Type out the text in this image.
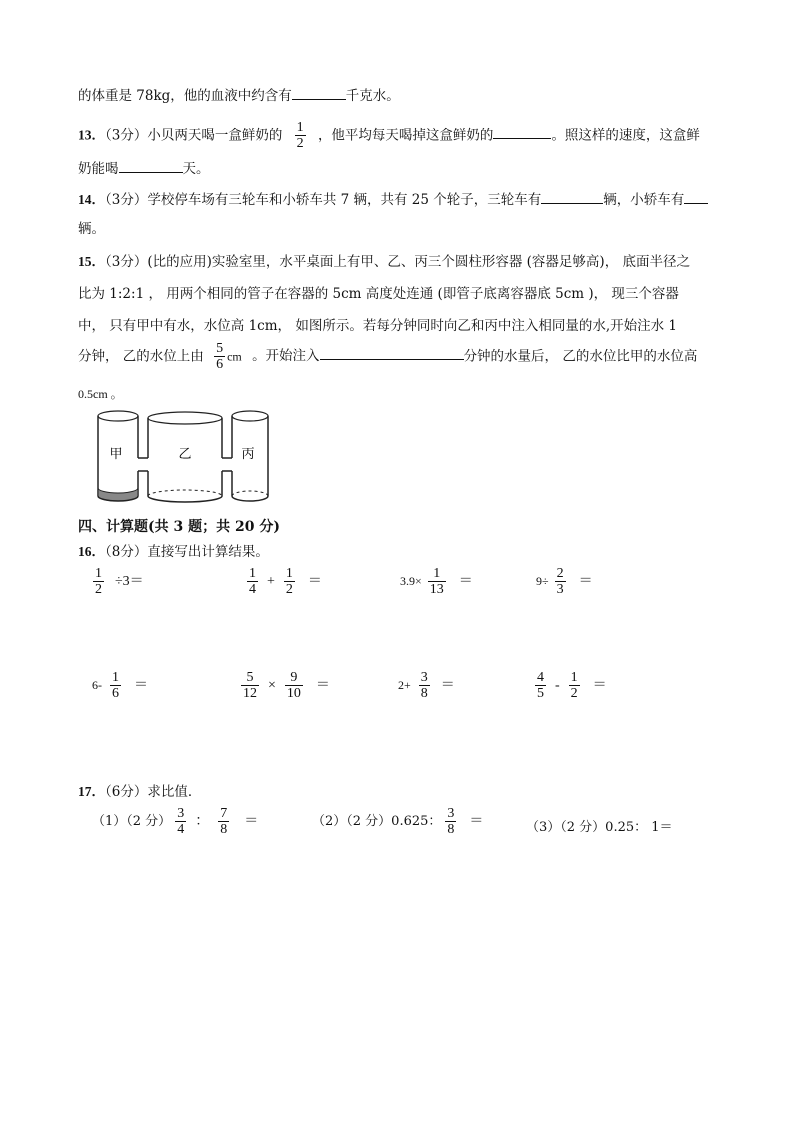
的体重是 78kg，他的血液中约含有	千克水。
13．（3分）小贝两天喝一盒鲜奶的 $\frac{1}{2}$ ，他平均每天喝掉这盒鲜奶的	。照这样的速度，这盒鲜
奶能喝	天。
14．（3分）学校停车场有三轮车和小轿车共 7 辆，共有 25 个轮子，三轮车有	辆，小轿车有
辆。
15．（3分）(比的应用)实验室里，水平桌面上有甲、乙、丙三个圆柱形容器 (容器足够高)， 底面半径之
比为 1:2:1 ， 用两个相同的管子在容器的 5cm 高度处连通 (即管子底离容器底 5cm )， 现三个容器
中， 只有甲中有水，水位高 1cm， 如图所示。若每分钟同时向乙和丙中注入相同量的水,开始注水 1
分钟， 乙的水位上由 $\frac{5}{6}$ cm 。开始注入	分钟的水量后， 乙的水位比甲的水位高
0.5cm 。
甲	乙	丙
四、计算题(共 3 题；共 20 分)
16．（8分）直接写出计算结果。
$\frac{1}{2} \div 3=$	$\frac{1}{4} + \frac{1}{2}$ ＝	$3.9\times \frac{1}{13}$ ＝	$9\div \frac{2}{3}$ ＝
$6- \frac{1}{6}$ ＝	$\frac{5}{12} \times \frac{9}{10}$ ＝	$2+ \frac{3}{8}$ ＝	$\frac{4}{5} - \frac{1}{2}$ ＝
17．（6分）求比值．
（1）（2 分） $\frac{3}{4}$ ： $\frac{7}{8}$ ＝	（2）（2 分）0.625： $\frac{3}{8}$ ＝	（3）（2 分）0.25： 1＝
